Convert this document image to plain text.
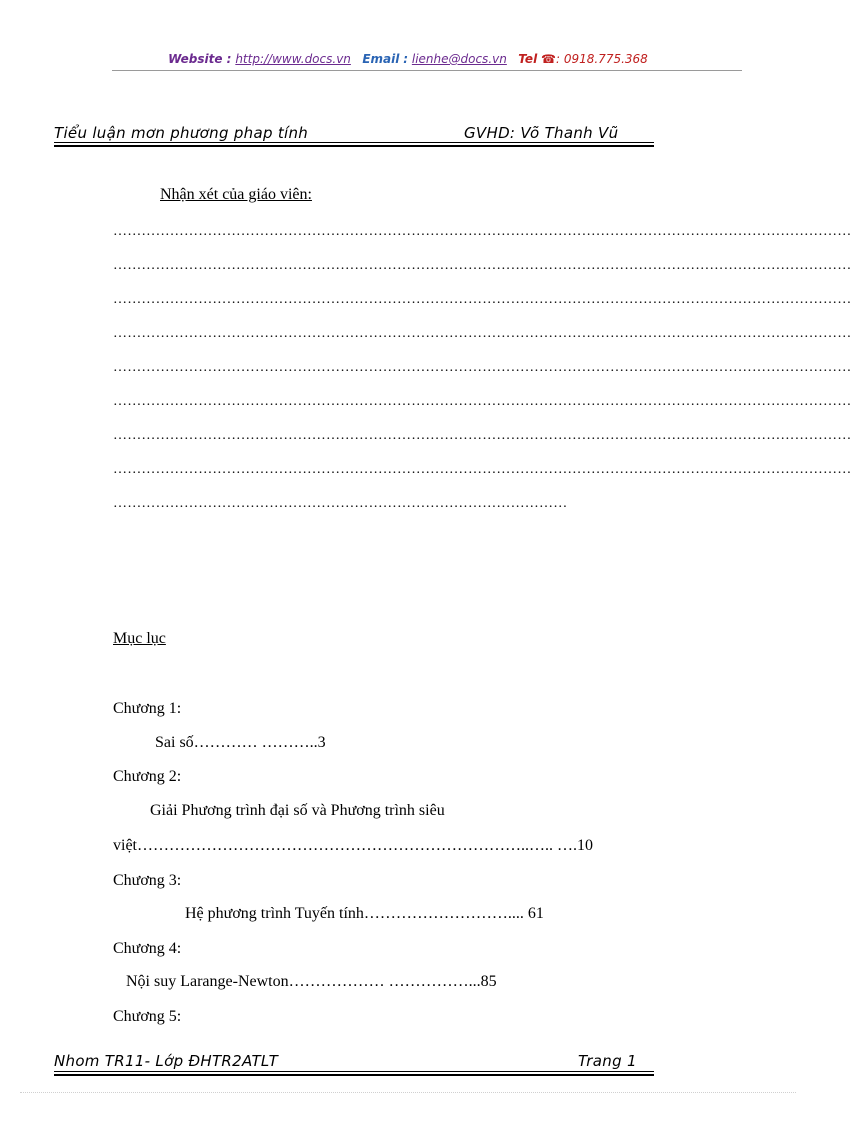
Website : http://www.docs.vn Email : lienhe@docs.vn Tel ☎: 0918.775.368
Tiểu luận mơn phương phap tính	GVHD: Võ Thanh Vũ
Nhận xét của giáo viên:
…………………………………………………………………………………………………………………………………………
…………………………………………………………………………………………………………………………………………
…………………………………………………………………………………………………………………………………………
…………………………………………………………………………………………………………………………………………
…………………………………………………………………………………………………………………………………………
…………………………………………………………………………………………………………………………………………
…………………………………………………………………………………………………………………………………………
…………………………………………………………………………………………………………………………………………
……………………………………………………………………………………
Mục lục
Chương 1:
Sai số………… ………..3
Chương 2:
Giải Phương trình đại số và Phương trình siêu
việt………………………………………………………………..….. ….10
Chương 3:
Hệ phương trình Tuyến tính……………………….... 61
Chương 4:
Nội suy Larange-Newton……………… ……………...85
Chương 5:
Nhom TR11- Lớp ĐHTR2ATLT	Trang 1
